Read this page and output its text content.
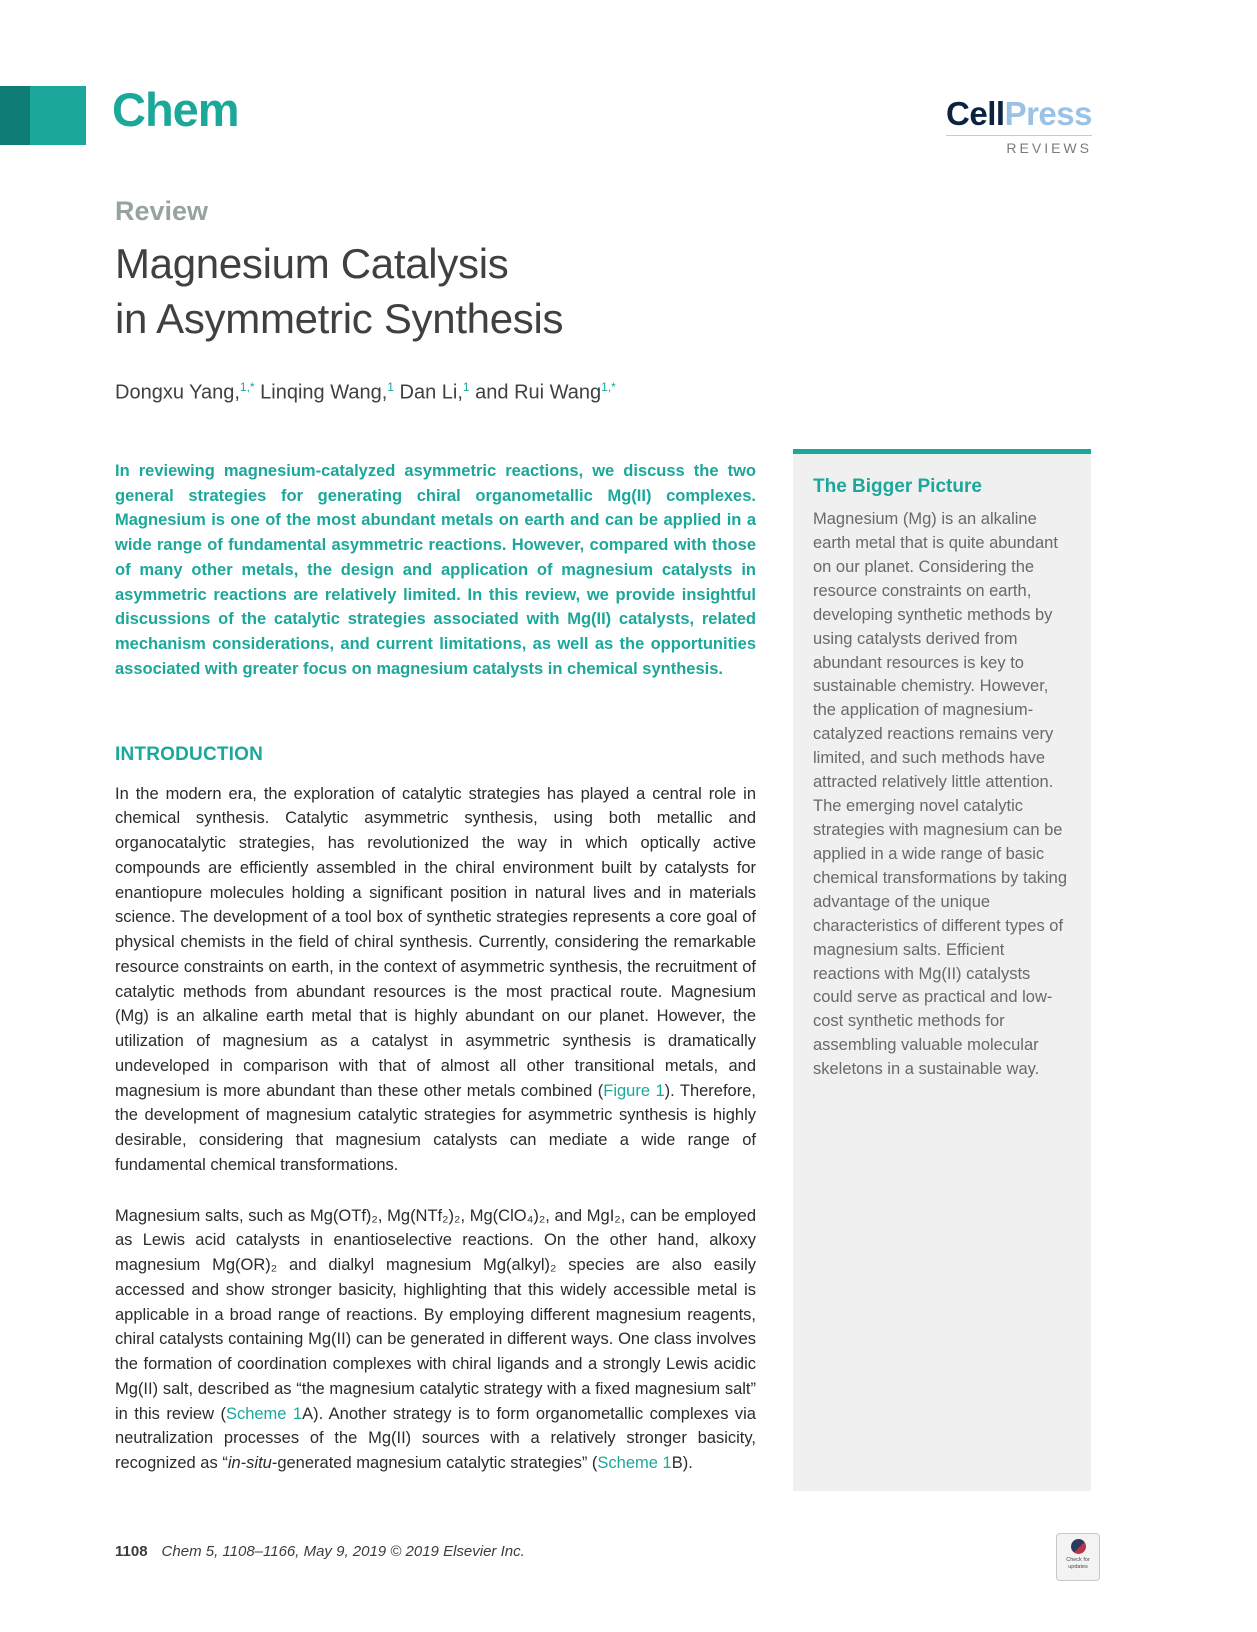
Chem	CellPress
REVIEWS
Review
Magnesium Catalysis
in Asymmetric Synthesis
Dongxu Yang,$^{1,*}$ Linqing Wang,$^1$ Dan Li,$^1$ and Rui Wang$^{1,*}$

In reviewing magnesium-catalyzed asymmetric reactions, we discuss the two general strategies for generating chiral organometallic Mg(II) complexes. Magnesium is one of the most abundant metals on earth and can be applied in a wide range of fundamental asymmetric reactions. However, compared with those of many other metals, the design and application of magnesium catalysts in asymmetric reactions are relatively limited. In this review, we provide insightful discussions of the catalytic strategies associated with Mg(II) catalysts, related mechanism considerations, and current limitations, as well as the opportunities associated with greater focus on magnesium catalysts in chemical synthesis.

INTRODUCTION

In the modern era, the exploration of catalytic strategies has played a central role in chemical synthesis. Catalytic asymmetric synthesis, using both metallic and organocatalytic strategies, has revolutionized the way in which optically active compounds are efficiently assembled in the chiral environment built by catalysts for enantiopure molecules holding a significant position in natural lives and in materials science. The development of a tool box of synthetic strategies represents a core goal of physical chemists in the field of chiral synthesis. Currently, considering the remarkable resource constraints on earth, in the context of asymmetric synthesis, the recruitment of catalytic methods from abundant resources is the most practical route. Magnesium (Mg) is an alkaline earth metal that is highly abundant on our planet. However, the utilization of magnesium as a catalyst in asymmetric synthesis is dramatically undeveloped in comparison with that of almost all other transitional metals, and magnesium is more abundant than these other metals combined (Figure 1). Therefore, the development of magnesium catalytic strategies for asymmetric synthesis is highly desirable, considering that magnesium catalysts can mediate a wide range of fundamental chemical transformations.

Magnesium salts, such as Mg(OTf)₂, Mg(NTf₂)₂, Mg(ClO₄)₂, and MgI₂, can be employed as Lewis acid catalysts in enantioselective reactions. On the other hand, alkoxy magnesium Mg(OR)₂ and dialkyl magnesium Mg(alkyl)₂ species are also easily accessed and show stronger basicity, highlighting that this widely accessible metal is applicable in a broad range of reactions. By employing different magnesium reagents, chiral catalysts containing Mg(II) can be generated in different ways. One class involves the formation of coordination complexes with chiral ligands and a strongly Lewis acidic Mg(II) salt, described as “the magnesium catalytic strategy with a fixed magnesium salt” in this review (Scheme 1A). Another strategy is to form organometallic complexes via neutralization processes of the Mg(II) sources with a relatively stronger basicity, recognized as “in-situ-generated magnesium catalytic strategies” (Scheme 1B).

The Bigger Picture

Magnesium (Mg) is an alkaline earth metal that is quite abundant on our planet. Considering the resource constraints on earth, developing synthetic methods by using catalysts derived from abundant resources is key to sustainable chemistry. However, the application of magnesium-catalyzed reactions remains very limited, and such methods have attracted relatively little attention. The emerging novel catalytic strategies with magnesium can be applied in a wide range of basic chemical transformations by taking advantage of the unique characteristics of different types of magnesium salts. Efficient reactions with Mg(II) catalysts could serve as practical and low-cost synthetic methods for assembling valuable molecular skeletons in a sustainable way.

1108 Chem 5, 1108–1166, May 9, 2019 © 2019 Elsevier Inc.	Check for updates
